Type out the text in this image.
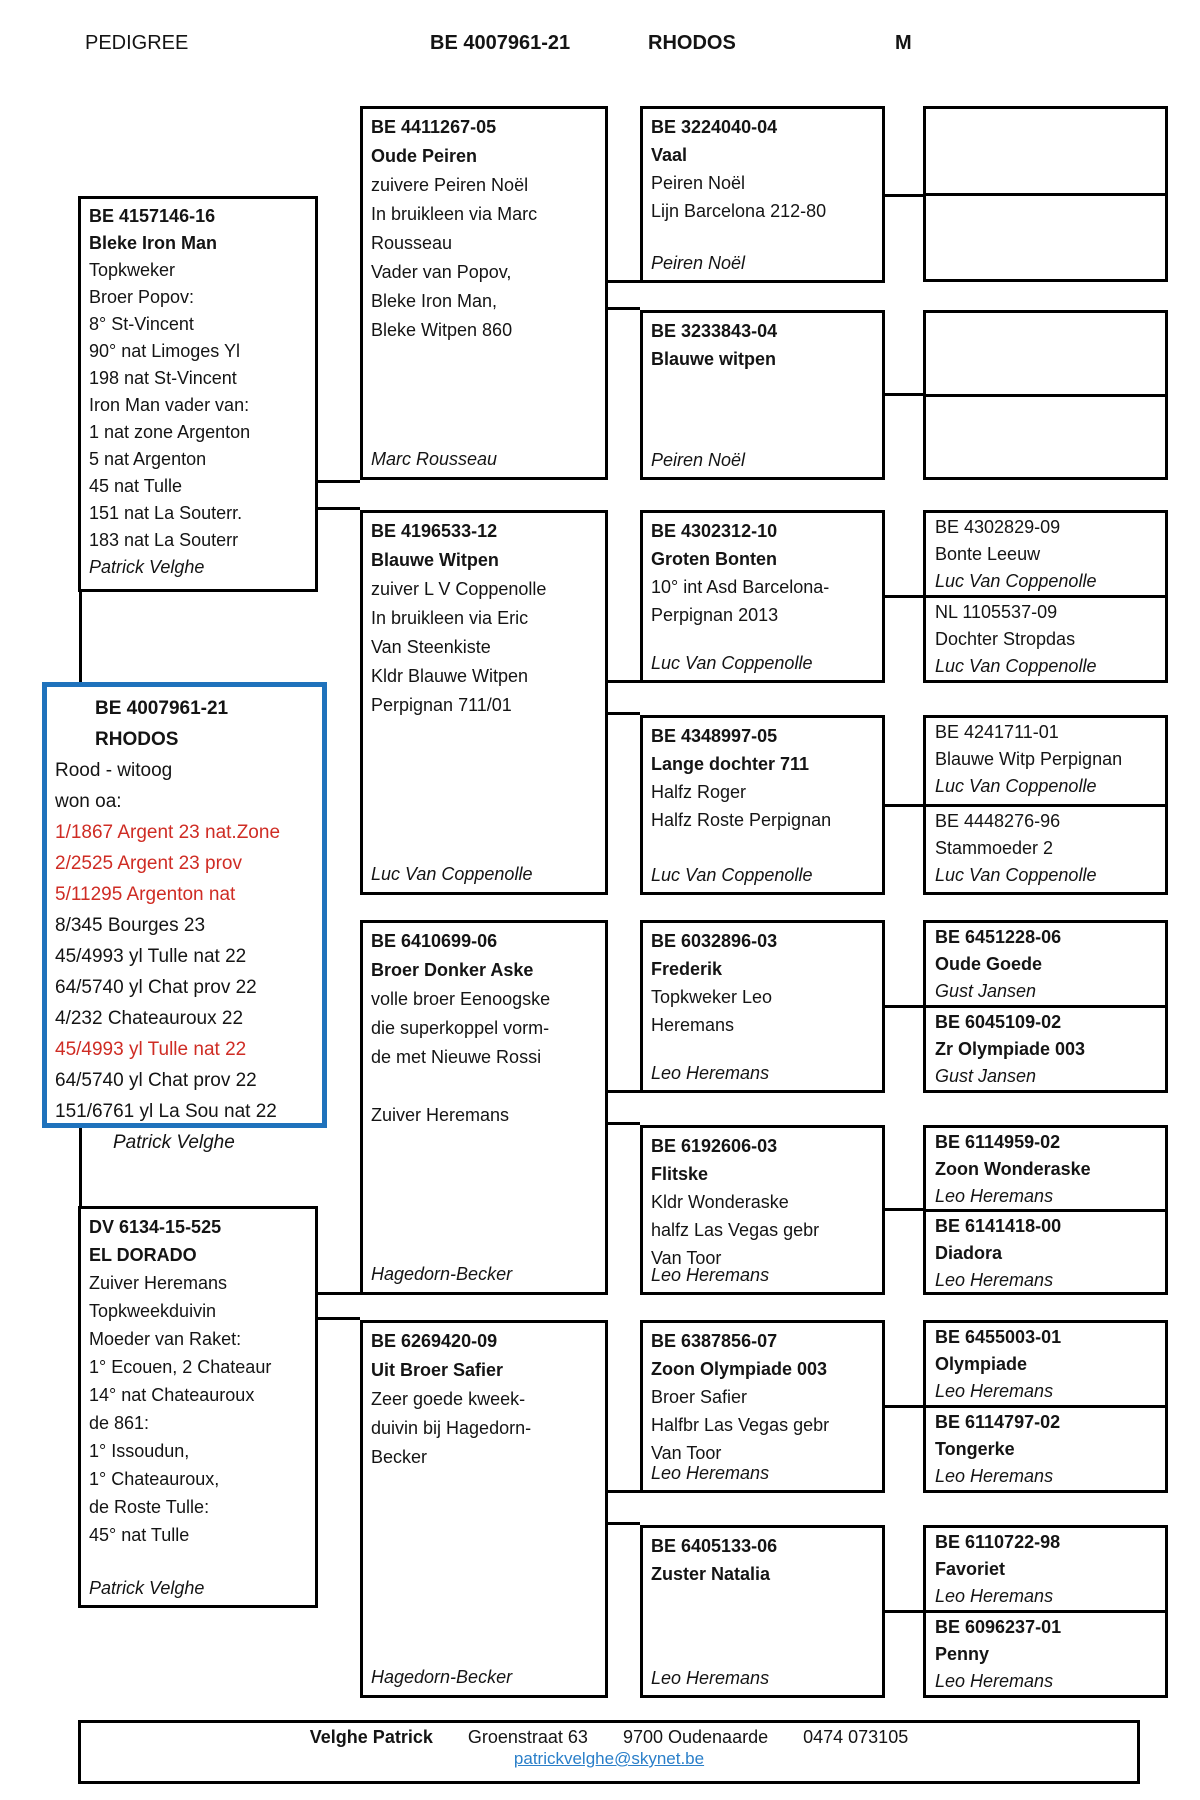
PEDIGREE	BE 4007961-21	RHODOS	M
BE 4157146-16
Bleke Iron Man
Topkweker
Broer Popov:
8° St-Vincent
90° nat Limoges Yl
198 nat St-Vincent
Iron Man vader van:
1 nat zone Argenton
5 nat Argenton
45 nat Tulle
151 nat La Souterr.
183 nat La Souterr
Patrick Velghe
BE 4007961-21
RHODOS
Rood - witoog
won oa:
1/1867 Argent 23 nat.Zone
2/2525 Argent 23 prov
5/11295 Argenton nat
8/345 Bourges 23
45/4993 yl Tulle nat 22
64/5740 yl Chat prov 22
4/232 Chateauroux 22
45/4993 yl Tulle nat 22
64/5740 yl Chat prov 22
151/6761 yl La Sou nat 22
Patrick Velghe
DV 6134-15-525
EL DORADO
Zuiver Heremans
Topkweekduivin
Moeder van Raket:
1° Ecouen, 2 Chateaur
14° nat Chateauroux
de 861:
1° Issoudun,
1° Chateauroux,
de Roste Tulle:
45° nat Tulle
Patrick Velghe
BE 4411267-05
Oude Peiren
zuivere Peiren Noël
In bruikleen via Marc
Rousseau
Vader van Popov,
Bleke Iron Man,
Bleke Witpen 860
Marc Rousseau
BE 4196533-12
Blauwe Witpen
zuiver L V Coppenolle
In bruikleen via Eric
Van Steenkiste
Kldr Blauwe Witpen
Perpignan 711/01
Luc Van Coppenolle
BE 6410699-06
Broer Donker Aske
volle broer Eenoogske
die superkoppel vorm-
de met Nieuwe Rossi
Zuiver Heremans
Hagedorn-Becker
BE 6269420-09
Uit Broer Safier
Zeer goede kweek-
duivin bij Hagedorn-
Becker
Hagedorn-Becker
BE 3224040-04
Vaal
Peiren Noël
Lijn Barcelona 212-80
Peiren Noël
BE 3233843-04
Blauwe witpen
Peiren Noël
BE 4302312-10
Groten Bonten
10° int Asd Barcelona-
Perpignan 2013
Luc Van Coppenolle
BE 4348997-05
Lange dochter 711
Halfz Roger
Halfz Roste Perpignan
Luc Van Coppenolle
BE 6032896-03
Frederik
Topkweker Leo
Heremans
Leo Heremans
BE 6192606-03
Flitske
Kldr Wonderaske
halfz Las Vegas gebr
Van Toor
Leo Heremans
BE 6387856-07
Zoon Olympiade 003
Broer Safier
Halfbr Las Vegas gebr
Van Toor
Leo Heremans
BE 6405133-06
Zuster Natalia
Leo Heremans
BE 4302829-09
Bonte Leeuw
Luc Van Coppenolle
NL 1105537-09
Dochter Stropdas
Luc Van Coppenolle
BE 4241711-01
Blauwe Witp Perpignan
Luc Van Coppenolle
BE 4448276-96
Stammoeder 2
Luc Van Coppenolle
BE 6451228-06
Oude Goede
Gust Jansen
BE 6045109-02
Zr Olympiade 003
Gust Jansen
BE 6114959-02
Zoon Wonderaske
Leo Heremans
BE 6141418-00
Diadora
Leo Heremans
BE 6455003-01
Olympiade
Leo Heremans
BE 6114797-02
Tongerke
Leo Heremans
BE 6110722-98
Favoriet
Leo Heremans
BE 6096237-01
Penny
Leo Heremans
Velghe Patrick Groenstraat 63 9700 Oudenaarde 0474 073105
patrickvelghe@skynet.be
